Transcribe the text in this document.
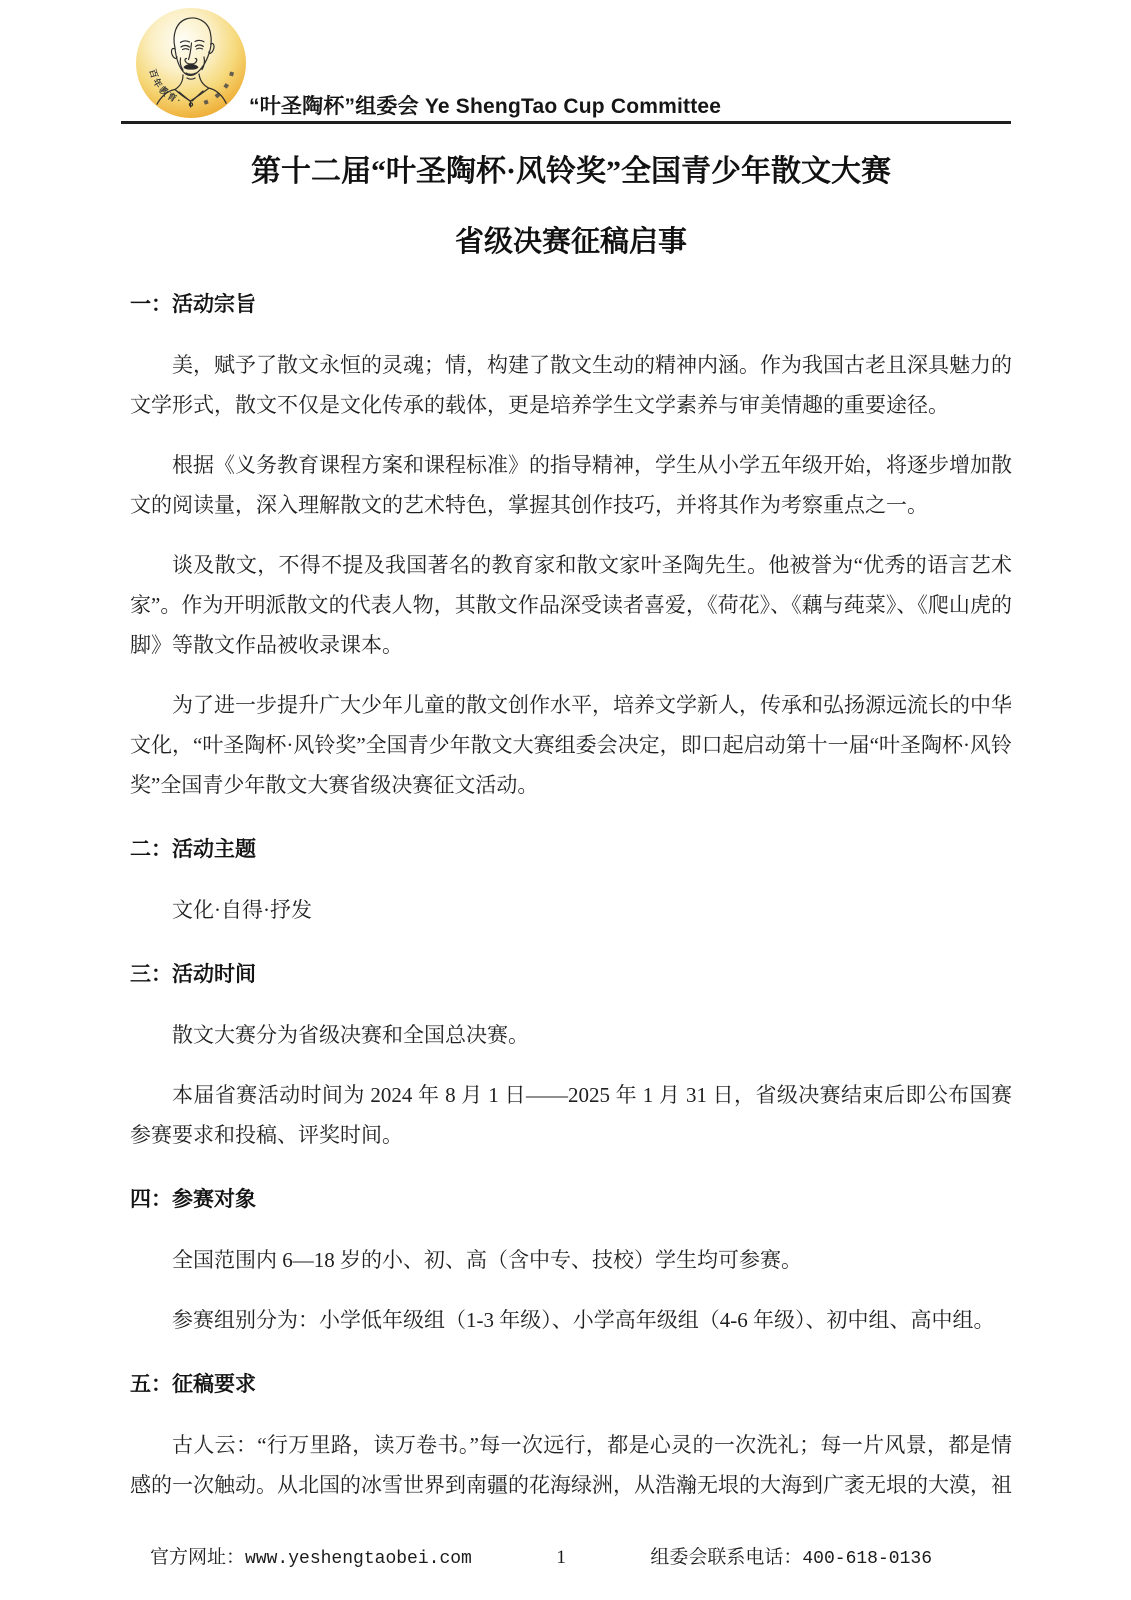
百年教育·	“叶圣陶杯”组委会 Ye ShengTao Cup Committee
第十二届“叶圣陶杯·风铃奖”全国青少年散文大赛
省级决赛征稿启事
一：活动宗旨

美，赋予了散文永恒的灵魂；情，构建了散文生动的精神内涵。作为我国古老且深具魅力的文学形式，散文不仅是文化传承的载体，更是培养学生文学素养与审美情趣的重要途径。

根据《义务教育课程方案和课程标准》的指导精神，学生从小学五年级开始，将逐步增加散文的阅读量，深入理解散文的艺术特色，掌握其创作技巧，并将其作为考察重点之一。

谈及散文，不得不提及我国著名的教育家和散文家叶圣陶先生。他被誉为“优秀的语言艺术家”。作为开明派散文的代表人物，其散文作品深受读者喜爱，《荷花》、《藕与莼菜》、《爬山虎的脚》等散文作品被收录课本。

为了进一步提升广大少年儿童的散文创作水平，培养文学新人，传承和弘扬源远流长的中华文化，“叶圣陶杯·风铃奖”全国青少年散文大赛组委会决定，即口起启动第十一届“叶圣陶杯·风铃奖”全国青少年散文大赛省级决赛征文活动。

二：活动主题

文化·自得·抒发

三：活动时间

散文大赛分为省级决赛和全国总决赛。

本届省赛活动时间为 2024 年 8 月 1 日——2025 年 1 月 31 日，省级决赛结束后即公布国赛参赛要求和投稿、评奖时间。

四：参赛对象

全国范围内 6—18 岁的小、初、高（含中专、技校）学生均可参赛。

参赛组别分为：小学低年级组（1-3 年级）、小学高年级组（4-6 年级）、初中组、高中组。

五：征稿要求

古人云：“行万里路，读万卷书。”每一次远行，都是心灵的一次洗礼；每一片风景，都是情感的一次触动。从北国的冰雪世界到南疆的花海绿洲，从浩瀚无垠的大海到广袤无垠的大漠，祖

官方网址：www.yeshengtaobei.com	1	组委会联系电话：400-618-0136
